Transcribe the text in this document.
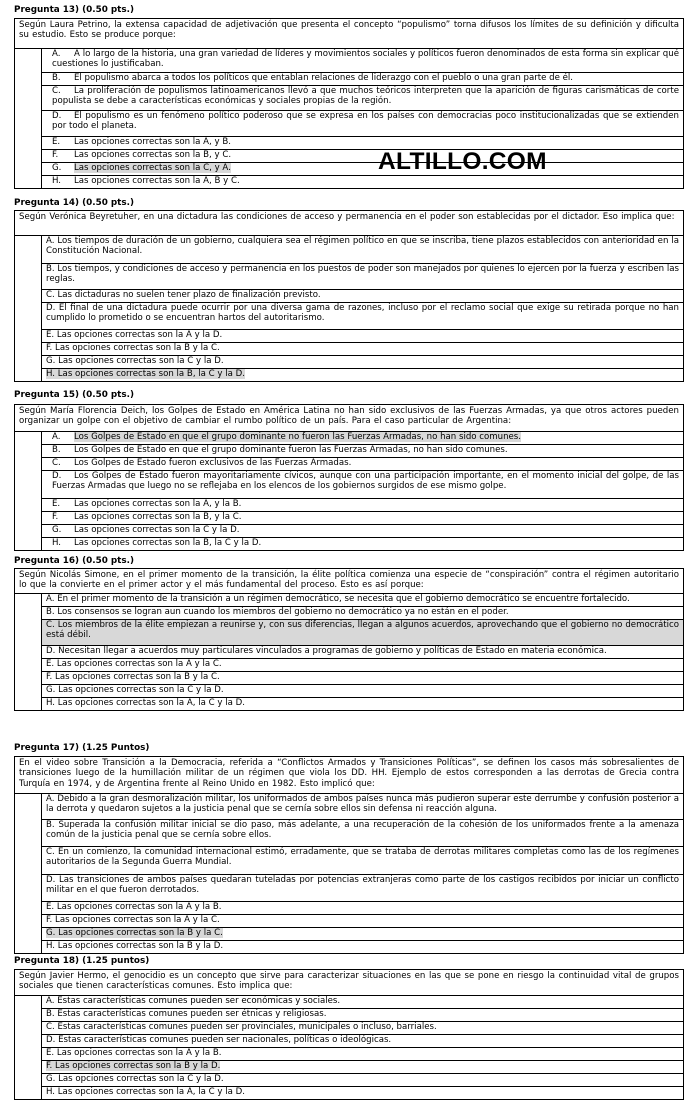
ALTILLO.COM
Pregunta 13) (0.50 pts.)
Según Laura Petrino, la extensa capacidad de adjetivación que presenta el concepto “populismo” torna difusos los límites de su definición y dificulta su estudio. Esto se produce porque:
A. A lo largo de la historia, una gran variedad de líderes y movimientos sociales y políticos fueron denominados de esta forma sin explicar qué cuestiones lo justificaban.
B. El populismo abarca a todos los políticos que entablan relaciones de liderazgo con el pueblo o una gran parte de él.
C. La proliferación de populismos latinoamericanos llevó a que muchos teóricos interpreten que la aparición de figuras carismáticas de corte populista se debe a características económicas y sociales propias de la región.
D. El populismo es un fenómeno político poderoso que se expresa en los países con democracias poco institucionalizadas que se extienden por todo el planeta.
E. Las opciones correctas son la A, y B.
F. Las opciones correctas son la B, y C.
G. Las opciones correctas son la C, y A.
H. Las opciones correctas son la A, B y C.
Pregunta 14) (0.50 pts.)
Según Verónica Beyretuher, en una dictadura las condiciones de acceso y permanencia en el poder son establecidas por el dictador. Eso implica que:
A. Los tiempos de duración de un gobierno, cualquiera sea el régimen político en que se inscriba, tiene plazos establecidos con anterioridad en la Constitución Nacional.
B. Los tiempos, y condiciones de acceso y permanencia en los puestos de poder son manejados por quienes lo ejercen por la fuerza y escriben las reglas.
C. Las dictaduras no suelen tener plazo de finalización previsto.
D. El final de una dictadura puede ocurrir por una diversa gama de razones, incluso por el reclamo social que exige su retirada porque no han cumplido lo prometido o se encuentran hartos del autoritarismo.
E. Las opciones correctas son la A y la D.
F. Las opciones correctas son la B y la C.
G. Las opciones correctas son la C y la D.
H. Las opciones correctas son la B, la C y la D.
Pregunta 15) (0.50 pts.)
Según María Florencia Deich, los Golpes de Estado en América Latina no han sido exclusivos de las Fuerzas Armadas, ya que otros actores pueden organizar un golpe con el objetivo de cambiar el rumbo político de un país. Para el caso particular de Argentina:
A. Los Golpes de Estado en que el grupo dominante no fueron las Fuerzas Armadas, no han sido comunes.
B. Los Golpes de Estado en que el grupo dominante fueron las Fuerzas Armadas, no han sido comunes.
C. Los Golpes de Estado fueron exclusivos de las Fuerzas Armadas.
D. Los Golpes de Estado fueron mayoritariamente cívicos, aunque con una participación importante, en el momento inicial del golpe, de las Fuerzas Armadas que luego no se reflejaba en los elencos de los gobiernos surgidos de ese mismo golpe.
E. Las opciones correctas son la A, y la B.
F. Las opciones correctas son la B, y la C.
G. Las opciones correctas son la C y la D.
H. Las opciones correctas son la B, la C y la D.
Pregunta 16) (0.50 pts.)
Según Nicolás Simone, en el primer momento de la transición, la élite política comienza una especie de “conspiración” contra el régimen autoritario lo que la convierte en el primer actor y el más fundamental del proceso. Esto es así porque:
A. En el primer momento de la transición a un régimen democrático, se necesita que el gobierno democrático se encuentre fortalecido.
B. Los consensos se logran aun cuando los miembros del gobierno no democrático ya no están en el poder.
C. Los miembros de la élite empiezan a reunirse y, con sus diferencias, llegan a algunos acuerdos, aprovechando que el gobierno no democrático está débil.
D. Necesitan llegar a acuerdos muy particulares vinculados a programas de gobierno y políticas de Estado en materia económica.
E. Las opciones correctas son la A y la C.
F. Las opciones correctas son la B y la C.
G. Las opciones correctas son la C y la D.
H. Las opciones correctas son la A, la C y la D.
Pregunta 17) (1.25 Puntos)
En el video sobre Transición a la Democracia, referida a “Conflictos Armados y Transiciones Políticas”, se definen los casos más sobresalientes de transiciones luego de la humillación militar de un régimen que viola los DD. HH. Ejemplo de estos corresponden a las derrotas de Grecia contra Turquía en 1974, y de Argentina frente al Reino Unido en 1982. Esto implicó que:
A. Debido a la gran desmoralización militar, los uniformados de ambos países nunca más pudieron superar este derrumbe y confusión posterior a la derrota y quedaron sujetos a la justicia penal que se cernía sobre ellos sin defensa ni reacción alguna.
B. Superada la confusión militar inicial se dio paso, más adelante, a una recuperación de la cohesión de los uniformados frente a la amenaza común de la justicia penal que se cernía sobre ellos.
C. En un comienzo, la comunidad internacional estimó, erradamente, que se trataba de derrotas militares completas como las de los regímenes autoritarios de la Segunda Guerra Mundial.
D. Las transiciones de ambos países quedaran tuteladas por potencias extranjeras como parte de los castigos recibidos por iniciar un conflicto militar en el que fueron derrotados.
E. Las opciones correctas son la A y la B.
F. Las opciones correctas son la A y la C.
G. Las opciones correctas son la B y la C.
H. Las opciones correctas son la B y la D.
Pregunta 18) (1.25 puntos)
Según Javier Hermo, el genocidio es un concepto que sirve para caracterizar situaciones en las que se pone en riesgo la continuidad vital de grupos sociales que tienen características comunes. Esto implica que:
A. Estas características comunes pueden ser económicas y sociales.
B. Estas características comunes pueden ser étnicas y religiosas.
C. Estas características comunes pueden ser provinciales, municipales o incluso, barriales.
D. Estas características comunes pueden ser nacionales, políticas o ideológicas.
E. Las opciones correctas son la A y la B.
F. Las opciones correctas son la B y la D.
G. Las opciones correctas son la C y la D.
H. Las opciones correctas son la A, la C y la D.
